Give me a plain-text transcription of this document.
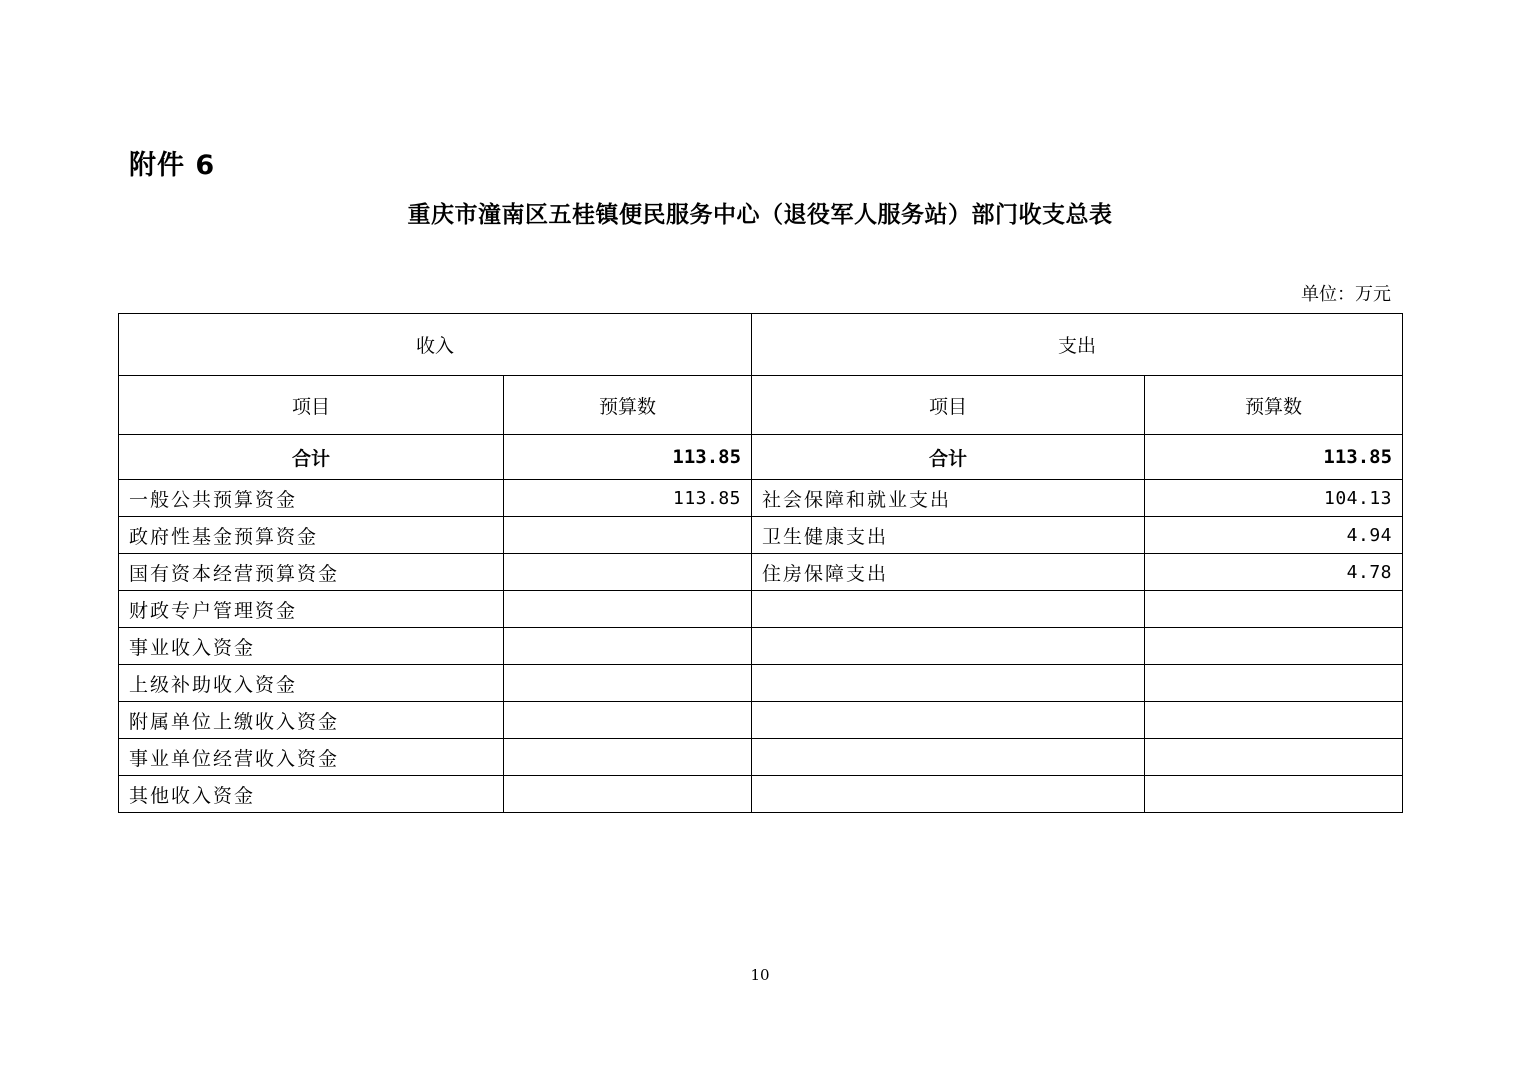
附件 6
重庆市潼南区五桂镇便民服务中心（退役军人服务站）部门收支总表
单位：万元
收入		支出	
项目	预算数	项目	预算数
合计	113.85	合计	113.85
一般公共预算资金	113.85	社会保障和就业支出	104.13
政府性基金预算资金		卫生健康支出	4.94
国有资本经营预算资金		住房保障支出	4.78
财政专户管理资金			
事业收入资金			
上级补助收入资金			
附属单位上缴收入资金			
事业单位经营收入资金			
其他收入资金			
10
